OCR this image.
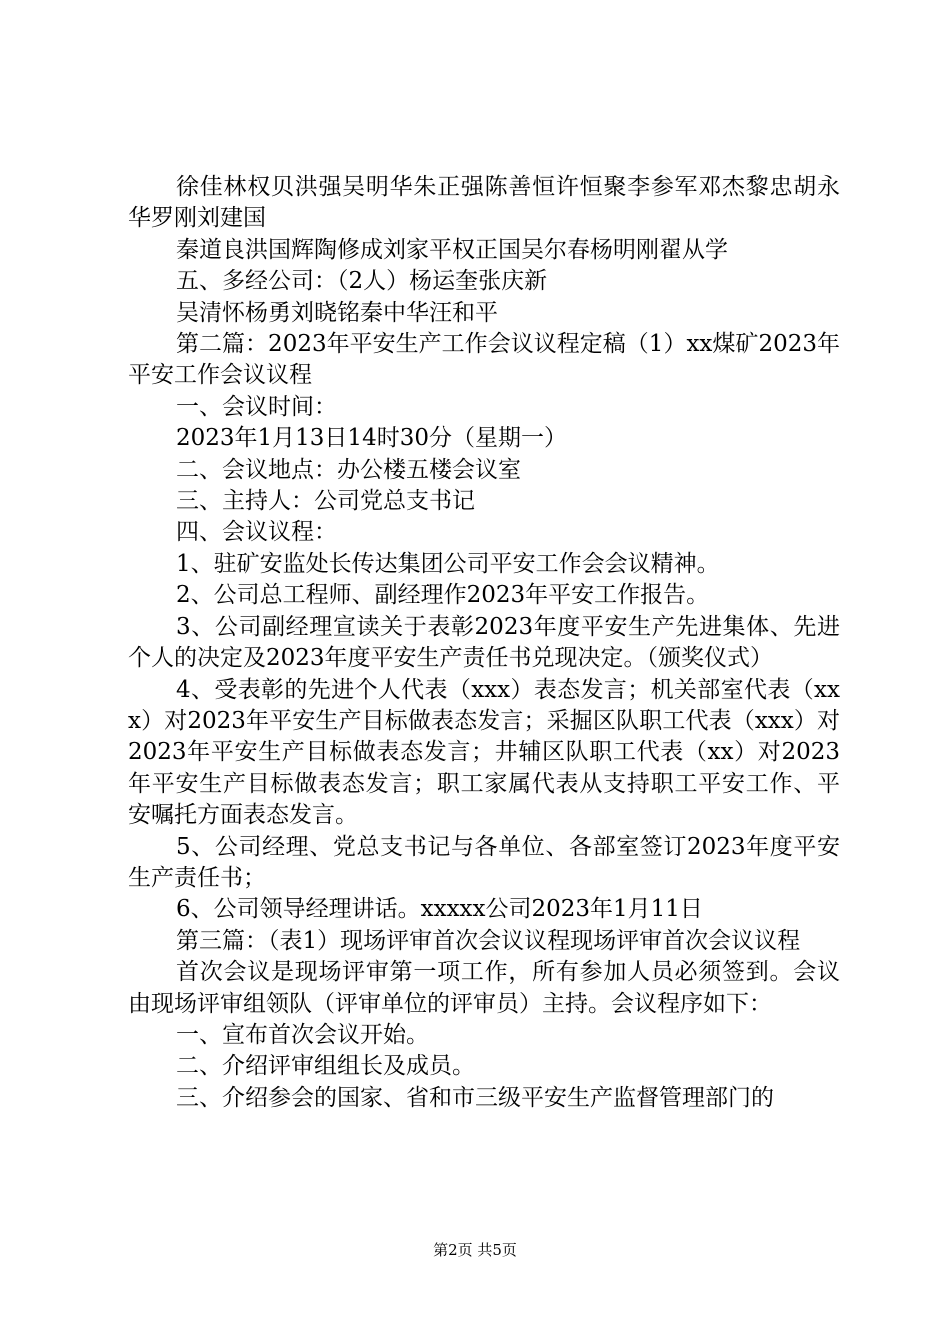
徐佳林权贝洪强吴明华朱正强陈善恒许恒聚李参军邓杰黎忠胡永华罗刚刘建国

秦道良洪国辉陶修成刘家平权正国吴尔春杨明刚翟从学

五、多经公司：（2人）杨运奎张庆新

吴清怀杨勇刘晓铭秦中华汪和平

第二篇：2023年平安生产工作会议议程定稿（1）xx煤矿2023年平安工作会议议程

一、会议时间：

2023年1月13日14时30分（星期一）

二、会议地点：办公楼五楼会议室

三、主持人：公司党总支书记

四、会议议程：

1、驻矿安监处长传达集团公司平安工作会会议精神。

2、公司总工程师、副经理作2023年平安工作报告。

3、公司副经理宣读关于表彰2023年度平安生产先进集体、先进个人的决定及2023年度平安生产责任书兑现决定。（颁奖仪式）

4、受表彰的先进个人代表（xxx）表态发言；机关部室代表（xxx）对2023年平安生产目标做表态发言；采掘区队职工代表（xxx）对2023年平安生产目标做表态发言；井辅区队职工代表（xx）对2023年平安生产目标做表态发言；职工家属代表从支持职工平安工作、平安嘱托方面表态发言。

5、公司经理、党总支书记与各单位、各部室签订2023年度平安生产责任书；

6、公司领导经理讲话。xxxxx公司2023年1月11日

第三篇：（表1）现场评审首次会议议程现场评审首次会议议程

首次会议是现场评审第一项工作，所有参加人员必须签到。会议由现场评审组领队（评审单位的评审员）主持。会议程序如下：

一、宣布首次会议开始。

二、介绍评审组组长及成员。

三、介绍参会的国家、省和市三级平安生产监督管理部门的

第2页 共5页
